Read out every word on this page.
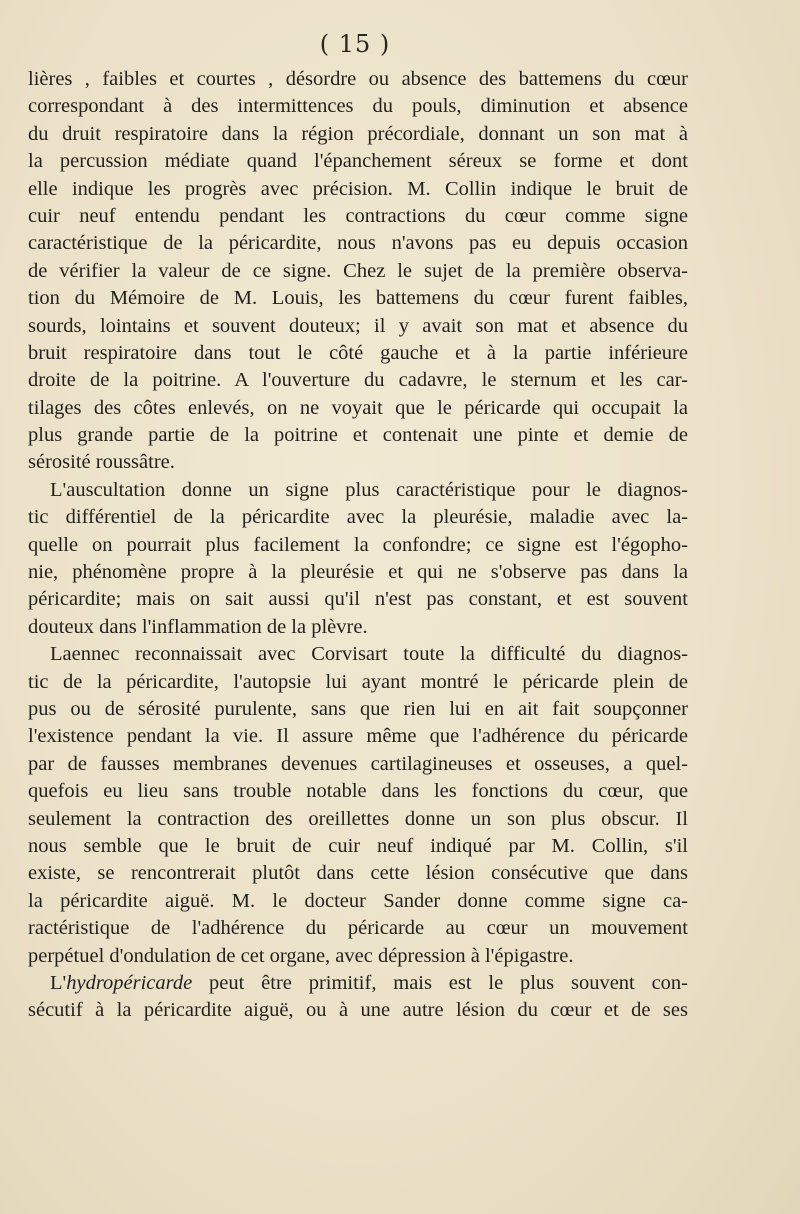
( 15 )
lières , faibles et courtes , désordre ou absence des battemens du cœur
correspondant à des intermittences du pouls, diminution et absence
du druit respiratoire dans la région précordiale, donnant un son mat à
la percussion médiate quand l'épanchement séreux se forme et dont
elle indique les progrès avec précision. M. Collin indique le bruit de
cuir neuf entendu pendant les contractions du cœur comme signe
caractéristique de la péricardite, nous n'avons pas eu depuis occasion
de vérifier la valeur de ce signe. Chez le sujet de la première observa-
tion du Mémoire de M. Louis, les battemens du cœur furent faibles,
sourds, lointains et souvent douteux; il y avait son mat et absence du
bruit respiratoire dans tout le côté gauche et à la partie inférieure
droite de la poitrine. A l'ouverture du cadavre, le sternum et les car-
tilages des côtes enlevés, on ne voyait que le péricarde qui occupait la
plus grande partie de la poitrine et contenait une pinte et demie de
sérosité roussâtre.
L'auscultation donne un signe plus caractéristique pour le diagnos-
tic différentiel de la péricardite avec la pleurésie, maladie avec la-
quelle on pourrait plus facilement la confondre; ce signe est l'égopho-
nie, phénomène propre à la pleurésie et qui ne s'observe pas dans la
péricardite; mais on sait aussi qu'il n'est pas constant, et est souvent
douteux dans l'inflammation de la plèvre.
Laennec reconnaissait avec Corvisart toute la difficulté du diagnos-
tic de la péricardite, l'autopsie lui ayant montré le péricarde plein de
pus ou de sérosité purulente, sans que rien lui en ait fait soupçonner
l'existence pendant la vie. Il assure même que l'adhérence du péricarde
par de fausses membranes devenues cartilagineuses et osseuses, a quel-
quefois eu lieu sans trouble notable dans les fonctions du cœur, que
seulement la contraction des oreillettes donne un son plus obscur. Il
nous semble que le bruit de cuir neuf indiqué par M. Collin, s'il
existe, se rencontrerait plutôt dans cette lésion consécutive que dans
la péricardite aiguë. M. le docteur Sander donne comme signe ca-
ractéristique de l'adhérence du péricarde au cœur un mouvement
perpétuel d'ondulation de cet organe, avec dépression à l'épigastre.
L'hydropéricarde peut être primitif, mais est le plus souvent con-
sécutif à la péricardite aiguë, ou à une autre lésion du cœur et de ses
